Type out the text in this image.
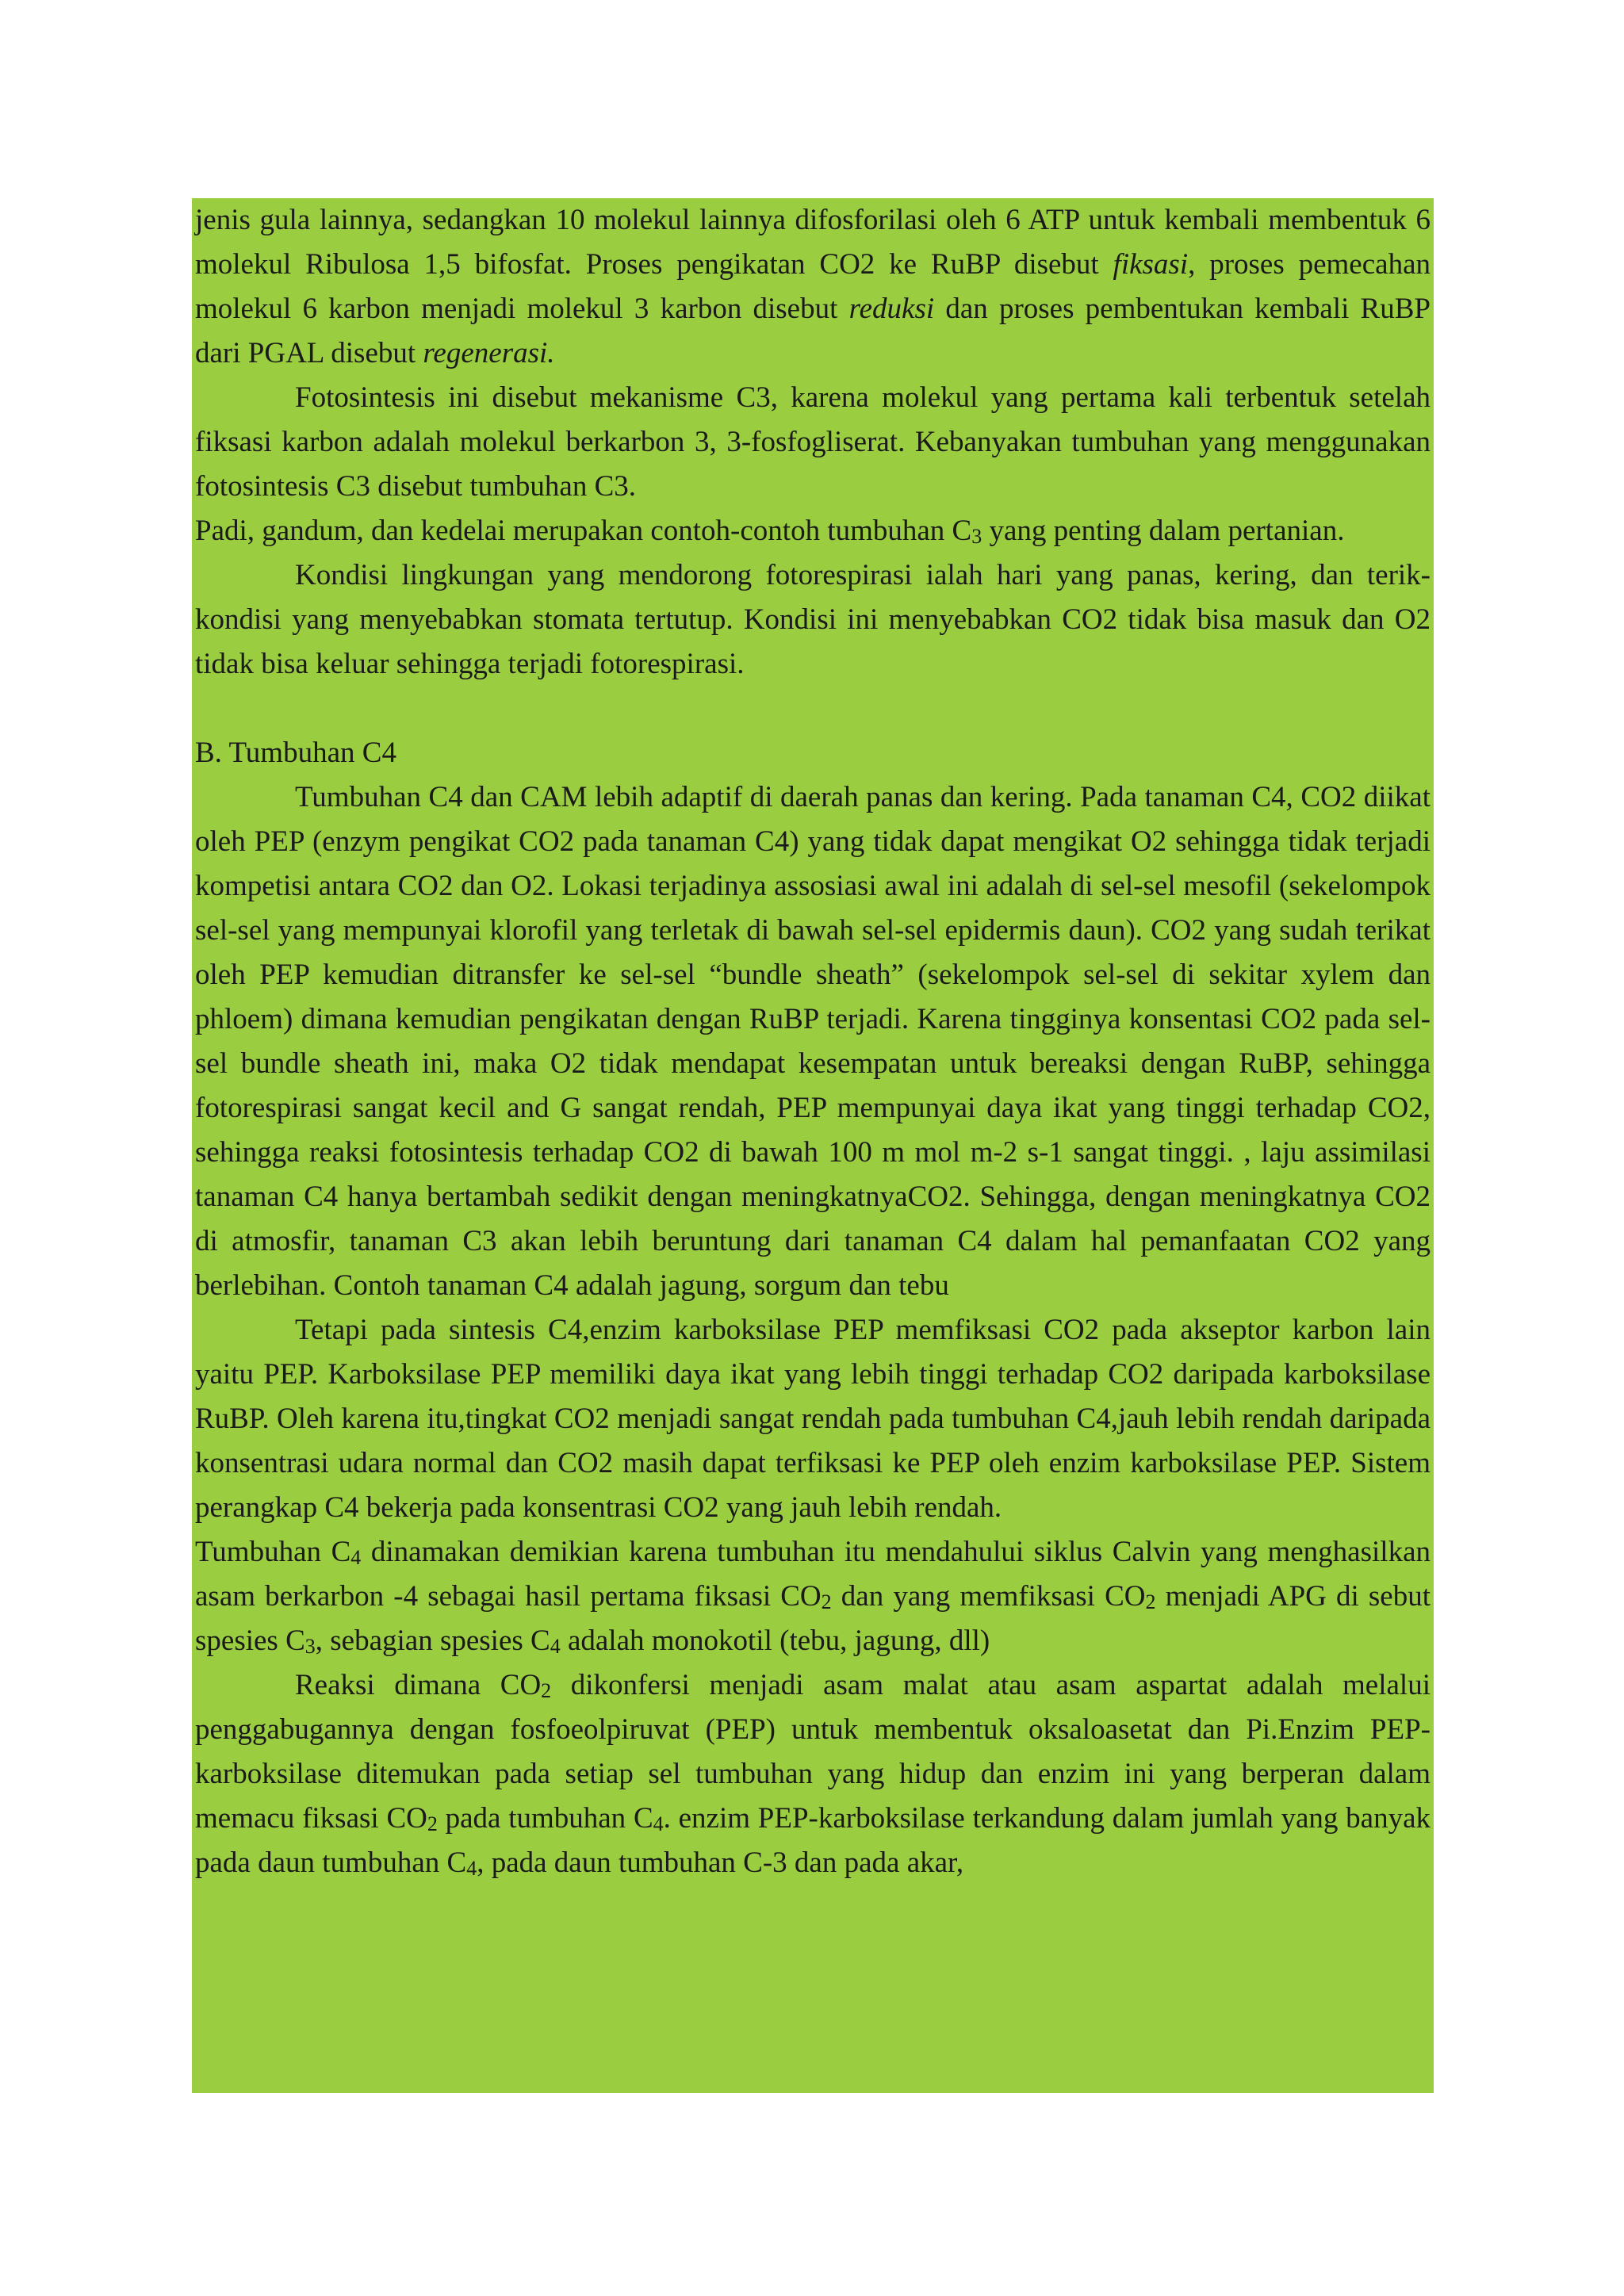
jenis gula lainnya, sedangkan 10 molekul lainnya difosforilasi oleh 6 ATP untuk kembali membentuk 6 molekul Ribulosa 1,5 bifosfat. Proses pengikatan CO2 ke RuBP disebut fiksasi, proses pemecahan molekul 6 karbon menjadi molekul 3 karbon disebut reduksi dan proses pembentukan kembali RuBP dari PGAL disebut regenerasi.

Fotosintesis ini disebut mekanisme C3, karena molekul yang pertama kali terbentuk setelah fiksasi karbon adalah molekul berkarbon 3, 3-fosfogliserat. Kebanyakan tumbuhan yang menggunakan fotosintesis C3 disebut tumbuhan C3.

Padi, gandum, dan kedelai merupakan contoh-contoh tumbuhan $C_3$ yang penting dalam pertanian.

Kondisi lingkungan yang mendorong fotorespirasi ialah hari yang panas, kering, dan terik-kondisi yang menyebabkan stomata tertutup. Kondisi ini menyebabkan CO2 tidak bisa masuk dan O2 tidak bisa keluar sehingga terjadi fotorespirasi.

B. Tumbuhan C4

Tumbuhan C4 dan CAM lebih adaptif di daerah panas dan kering. Pada tanaman C4, CO2 diikat oleh PEP (enzym pengikat CO2 pada tanaman C4) yang tidak dapat mengikat O2 sehingga tidak terjadi kompetisi antara CO2 dan O2. Lokasi terjadinya assosiasi awal ini adalah di sel-sel mesofil (sekelompok sel-sel yang mempunyai klorofil yang terletak di bawah sel-sel epidermis daun). CO2 yang sudah terikat oleh PEP kemudian ditransfer ke sel-sel “bundle sheath” (sekelompok sel-sel di sekitar xylem dan phloem) dimana kemudian pengikatan dengan RuBP terjadi. Karena tingginya konsentasi CO2 pada sel-sel bundle sheath ini, maka O2 tidak mendapat kesempatan untuk bereaksi dengan RuBP, sehingga fotorespirasi sangat kecil and G sangat rendah, PEP mempunyai daya ikat yang tinggi terhadap CO2, sehingga reaksi fotosintesis terhadap CO2 di bawah 100 m mol m-2 s-1 sangat tinggi. , laju assimilasi tanaman C4 hanya bertambah sedikit dengan meningkatnyaCO2. Sehingga, dengan meningkatnya CO2 di atmosfir, tanaman C3 akan lebih beruntung dari tanaman C4 dalam hal pemanfaatan CO2 yang berlebihan. Contoh tanaman C4 adalah jagung, sorgum dan tebu

Tetapi pada sintesis C4,enzim karboksilase PEP memfiksasi CO2 pada akseptor karbon lain yaitu PEP. Karboksilase PEP memiliki daya ikat yang lebih tinggi terhadap CO2 daripada karboksilase RuBP. Oleh karena itu,tingkat CO2 menjadi sangat rendah pada tumbuhan C4,jauh lebih rendah daripada konsentrasi udara normal dan CO2 masih dapat terfiksasi ke PEP oleh enzim karboksilase PEP. Sistem perangkap C4 bekerja pada konsentrasi CO2 yang jauh lebih rendah.

Tumbuhan $C_4$ dinamakan demikian karena tumbuhan itu mendahului siklus Calvin yang menghasilkan asam berkarbon -4 sebagai hasil pertama fiksasi $CO_2$ dan yang memfiksasi $CO_2$ menjadi APG di sebut spesies $C_3$, sebagian spesies $C_4$ adalah monokotil (tebu, jagung, dll)

Reaksi dimana $CO_2$ dikonfersi menjadi asam malat atau asam aspartat adalah melalui penggabugannya dengan fosfoeolpiruvat (PEP) untuk membentuk oksaloasetat dan Pi.Enzim PEP-karboksilase ditemukan pada setiap sel tumbuhan yang hidup dan enzim ini yang berperan dalam memacu fiksasi $CO_2$ pada tumbuhan $C_4$. enzim PEP-karboksilase terkandung dalam jumlah yang banyak pada daun tumbuhan $C_4$, pada daun tumbuhan C-3 dan pada akar,
